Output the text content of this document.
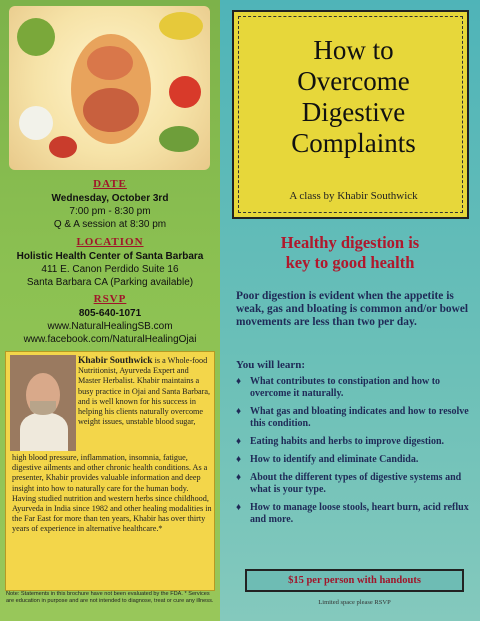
DATE
Wednesday, October 3rd
7:00 pm - 8:30 pm
Q & A session at 8:30 pm
LOCATION
Holistic Health Center of Santa Barbara
411 E. Canon Perdido Suite 16
Santa Barbara CA (Parking available)
RSVP
805-640-1071
www.NaturalHealingSB.com
www.facebook.com/NaturalHealingOjai
Khabir Southwick is a Whole-food Nutritionist, Ayurveda Expert and Master Herbalist. Khabir maintains a busy practice in Ojai and Santa Barbara, and is well known for his success in helping his clients naturally overcome weight issues, unstable blood sugar,
high blood pressure, inflammation, insomnia, fatigue, digestive ailments and other chronic health conditions. As a presenter, Khabir provides valuable information and deep insight into how to naturally care for the human body. Having studied nutrition and western herbs since childhood, Ayurveda in India since 1982 and other healing modalities in the Far East for more than ten years, Khabir has over thirty years of experience in alternative healthcare.*
Note: Statements in this brochure have not been evaluated by the FDA. * Services are education in purpose and are not intended to diagnose, treat or cure any illness.
How to
Overcome
Digestive
Complaints
A class by Khabir Southwick
Healthy digestion is
key to good health
Poor digestion is evident when the appetite is weak, gas and bloating is common and/or bowel movements are less than two per day.
You will learn:
♦ What contributes to constipation and how to overcome it naturally.
♦ What gas and bloating indicates and how to resolve this condition.
♦ Eating habits and herbs to improve digestion.
♦ How to identify and eliminate Candida.
♦ About the different types of digestive systems and what is your type.
♦ How to manage loose stools, heart burn, acid reflux and more.
$15 per person with handouts
Limited space please RSVP
